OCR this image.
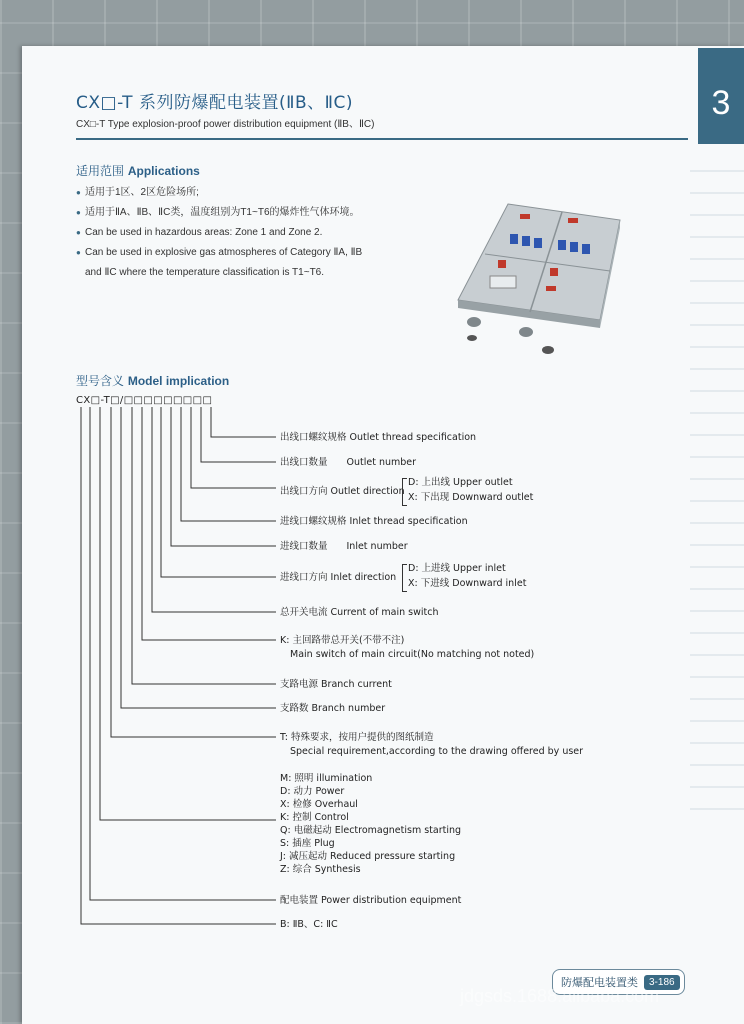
3
CX□-T 系列防爆配电装置(ⅡB、ⅡC)
CX□-T Type explosion-proof power distribution equipment (ⅡB、ⅡC)
适用范围 Applications
● 适用于1区、2区危险场所;
● 适用于ⅡA、ⅡB、ⅡC类，温度组别为T1~T6的爆炸性气体环境。
● Can be used in hazardous areas: Zone 1 and Zone 2.
● Can be used in explosive gas atmospheres of Category ⅡA, ⅡB and ⅡC where the temperature classification is T1~T6.
型号含义 Model implication
CX□-T□/□□□□□□□□□
出线口螺纹规格 Outlet thread specification
出线口数量　　Outlet number
出线口方向 Outlet direction
D: 上出线 Upper outlet
X: 下出现 Downward outlet
进线口螺纹规格 Inlet thread specification
进线口数量　　Inlet number
进线口方向 Inlet direction
D: 上进线 Upper inlet
X: 下进线 Downward inlet
总开关电流 Current of main switch
K: 主回路带总开关(不带不注)
Main switch of main circuit(No matching not noted)
支路电源 Branch current
支路数 Branch number
T: 特殊要求，按用户提供的图纸制造
Special requirement,according to the drawing offered by user
M: 照明 illumination
D: 动力 Power
X: 检修 Overhaul
K: 控制 Control
Q: 电磁起动 Electromagnetism starting
S: 插座 Plug
J: 减压起动 Reduced pressure starting
Z: 综合 Synthesis
配电装置 Power distribution equipment
B: ⅡB、C: ⅡC
防爆配电装置类	3-186
jdgsds.1688.alibaba.com
